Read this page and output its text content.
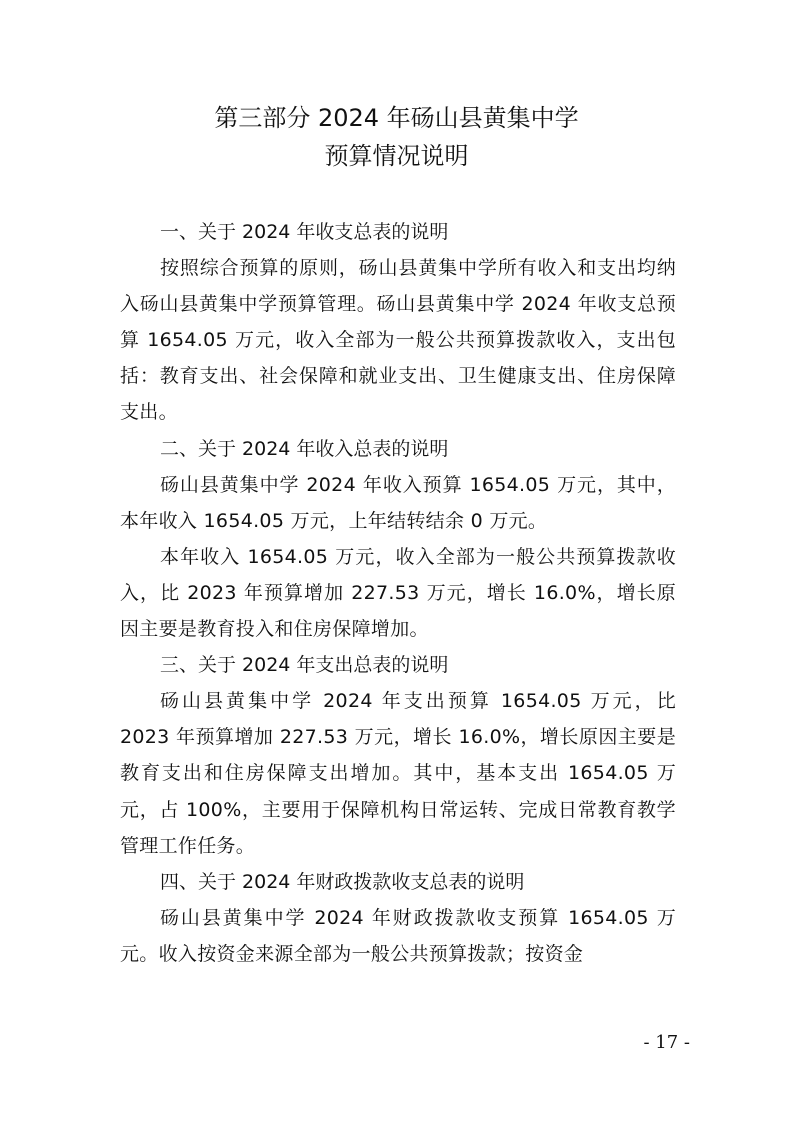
第三部分 2024 年砀山县黄集中学
预算情况说明

一、关于 2024 年收支总表的说明

按照综合预算的原则，砀山县黄集中学所有收入和支出均纳入砀山县黄集中学预算管理。砀山县黄集中学 2024 年收支总预算 1654.05 万元，收入全部为一般公共预算拨款收入，支出包括：教育支出、社会保障和就业支出、卫生健康支出、住房保障支出。

二、关于 2024 年收入总表的说明

砀山县黄集中学 2024 年收入预算 1654.05 万元，其中，本年收入 1654.05 万元，上年结转结余 0 万元。

本年收入 1654.05 万元，收入全部为一般公共预算拨款收入，比 2023 年预算增加 227.53 万元，增长 16.0%，增长原因主要是教育投入和住房保障增加。

三、关于 2024 年支出总表的说明

砀山县黄集中学 2024 年支出预算 1654.05 万元，比 2023 年预算增加 227.53 万元，增长 16.0%，增长原因主要是教育支出和住房保障支出增加。其中，基本支出 1654.05 万元，占 100%，主要用于保障机构日常运转、完成日常教育教学管理工作任务。

四、关于 2024 年财政拨款收支总表的说明

砀山县黄集中学 2024 年财政拨款收支预算 1654.05 万元。收入按资金来源全部为一般公共预算拨款；按资金

- 17 -
